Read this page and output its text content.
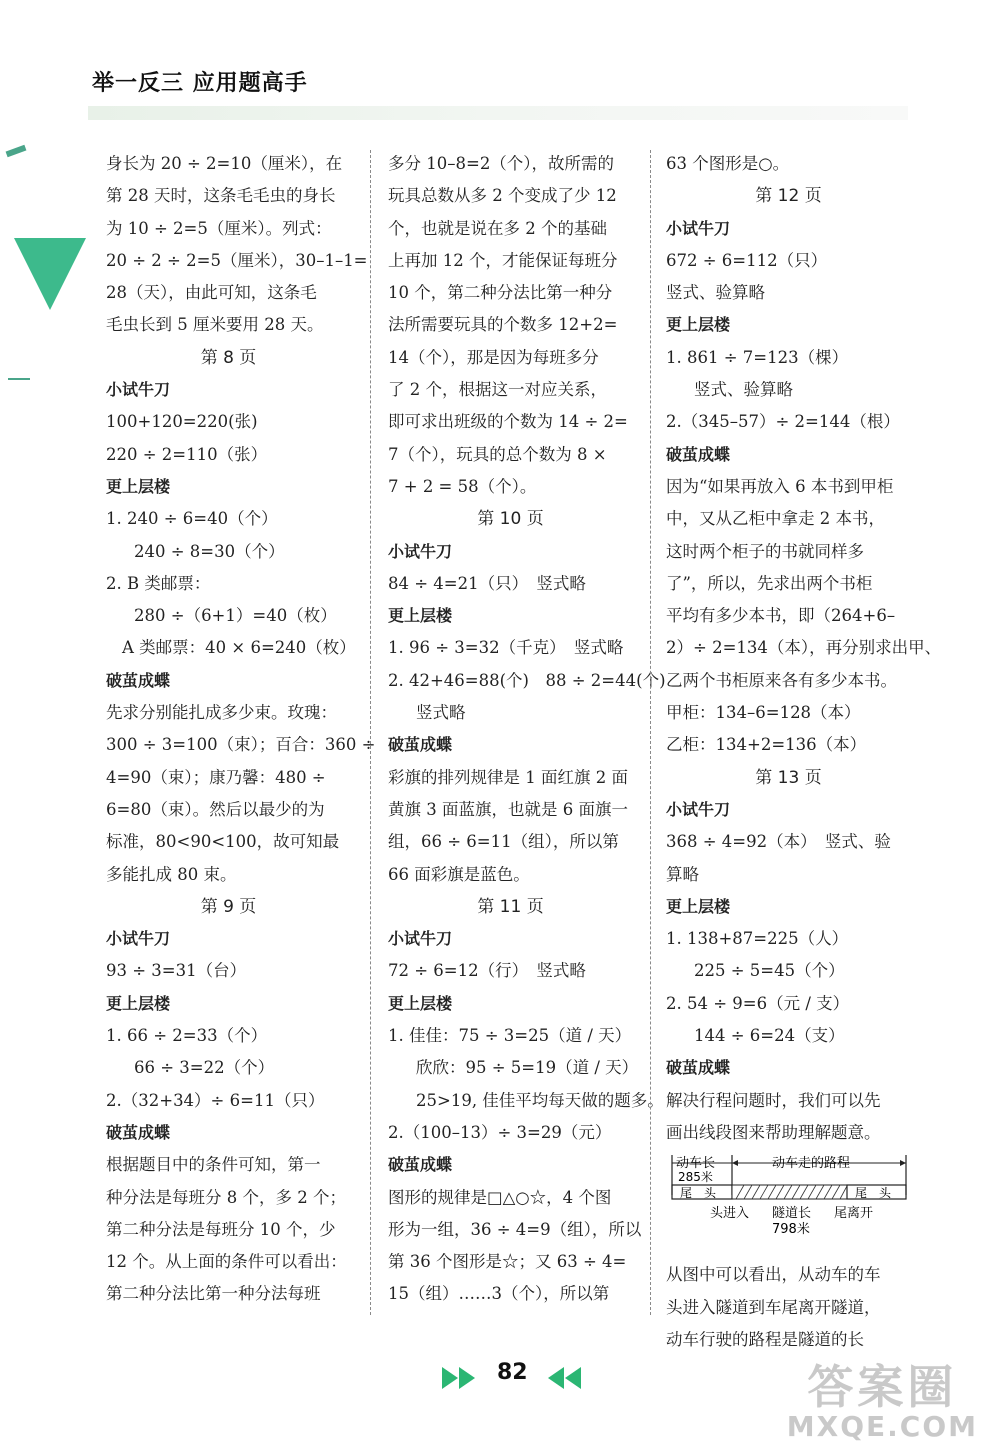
举一反三 应用题高手

身长为 20 ÷ 2=10（厘米），在

第 28 天时，这条毛毛虫的身长

为 10 ÷ 2=5（厘米）。列式：

20 ÷ 2 ÷ 2=5（厘米），30–1–1=

28（天），由此可知，这条毛

毛虫长到 5 厘米要用 28 天。

第 8 页

小试牛刀

100+120=220(张)

220 ÷ 2=110（张）

更上层楼

1. 240 ÷ 6=40（个）

240 ÷ 8=30（个）

2. B 类邮票：

280 ÷（6+1）=40（枚）

A 类邮票：40 × 6=240（枚）

破茧成蝶

先求分别能扎成多少束。玫瑰：

300 ÷ 3=100（束）；百合：360 ÷

4=90（束）；康乃馨：480 ÷

6=80（束）。然后以最少的为

标准，80<90<100，故可知最

多能扎成 80 束。

第 9 页

小试牛刀

93 ÷ 3=31（台）

更上层楼

1. 66 ÷ 2=33（个）

66 ÷ 3=22（个）

2.（32+34）÷ 6=11（只）

破茧成蝶

根据题目中的条件可知，第一

种分法是每班分 8 个，多 2 个；

第二种分法是每班分 10 个，少

12 个。从上面的条件可以看出：

第二种分法比第一种分法每班

多分 10–8=2（个），故所需的

玩具总数从多 2 个变成了少 12

个，也就是说在多 2 个的基础

上再加 12 个，才能保证每班分

10 个，第二种分法比第一种分

法所需要玩具的个数多 12+2=

14（个），那是因为每班多分

了 2 个，根据这一对应关系，

即可求出班级的个数为 14 ÷ 2=

7（个），玩具的总个数为 8 ×

7 + 2 = 58（个）。

第 10 页

小试牛刀

84 ÷ 4=21（只）　竖式略

更上层楼

1. 96 ÷ 3=32（千克）　竖式略

2. 42+46=88(个)　88 ÷ 2=44(个)

竖式略

破茧成蝶

彩旗的排列规律是 1 面红旗 2 面

黄旗 3 面蓝旗，也就是 6 面旗一

组，66 ÷ 6=11（组），所以第

66 面彩旗是蓝色。

第 11 页

小试牛刀

72 ÷ 6=12（行）　竖式略

更上层楼

1. 佳佳：75 ÷ 3=25（道 / 天）

欣欣：95 ÷ 5=19（道 / 天）

25>19, 佳佳平均每天做的题多。

2.（100–13）÷ 3=29（元）

破茧成蝶

图形的规律是□△○☆，4 个图

形为一组，36 ÷ 4=9（组），所以

第 36 个图形是☆；又 63 ÷ 4=

15（组）……3（个），所以第

63 个图形是○。

第 12 页

小试牛刀

672 ÷ 6=112（只）

竖式、验算略

更上层楼

1. 861 ÷ 7=123（棵）

竖式、验算略

2.（345–57）÷ 2=144（根）

破茧成蝶

因为“如果再放入 6 本书到甲柜

中，又从乙柜中拿走 2 本书，

这时两个柜子的书就同样多

了”，所以，先求出两个书柜

平均有多少本书，即（264+6–

2）÷ 2=134（本），再分别求出甲、

乙两个书柜原来各有多少本书。

甲柜：134–6=128（本）

乙柜：134+2=136（本）

第 13 页

小试牛刀

368 ÷ 4=92（本）　竖式、验

算略

更上层楼

1. 138+87=225（人）

225 ÷ 5=45（个）

2. 54 ÷ 9=6（元 / 支）

144 ÷ 6=24（支）

破茧成蝶

解决行程问题时，我们可以先

画出线段图来帮助理解题意。

动车长	动车走的路程
285米
尾　头	尾　头
头进入 隧道长 尾离开
798米

从图中可以看出，从动车的车

头进入隧道到车尾离开隧道，

动车行驶的路程是隧道的长

82	答案圈
MXQE.COM
